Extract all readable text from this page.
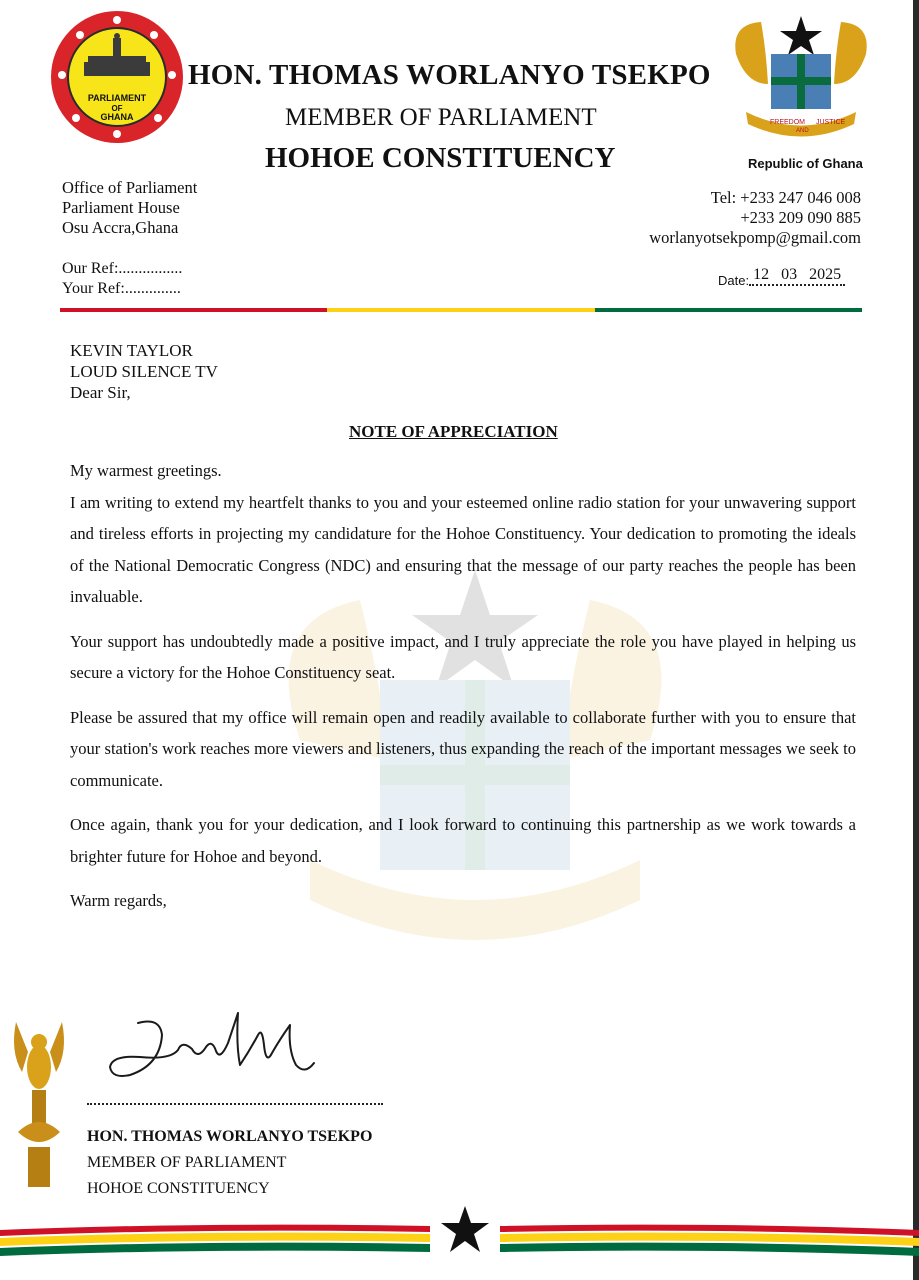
PARLIAMENT
OF
GHANA
FREEDOM
AND
JUSTICE
HON. THOMAS WORLANYO TSEKPO
MEMBER OF PARLIAMENT
HOHOE CONSTITUENCY	Republic of Ghana
Office of Parliament
Parliament House
Osu Accra,Ghana
Tel: +233 247 046 008
+233 209 090 885
worlanyotsekpomp@gmail.com
Our Ref:................
Your Ref:..............	Date: 12 03 2025
KEVIN TAYLOR
LOUD SILENCE TV
Dear Sir,
NOTE OF APPRECIATION

My warmest greetings.

I am writing to extend my heartfelt thanks to you and your esteemed online radio station for your unwavering support and tireless efforts in projecting my candidature for the Hohoe Constituency. Your dedication to promoting the ideals of the National Democratic Congress (NDC) and ensuring that the message of our party reaches the people has been invaluable.

Your support has undoubtedly made a positive impact, and I truly appreciate the role you have played in helping us secure a victory for the Hohoe Constituency seat.

Please be assured that my office will remain open and readily available to collaborate further with you to ensure that your station's work reaches more viewers and listeners, thus expanding the reach of the important messages we seek to communicate.

Once again, thank you for your dedication, and I look forward to continuing this partnership as we work towards a brighter future for Hohoe and beyond.

Warm regards,

HON. THOMAS WORLANYO TSEKPO
MEMBER OF PARLIAMENT
HOHOE CONSTITUENCY
